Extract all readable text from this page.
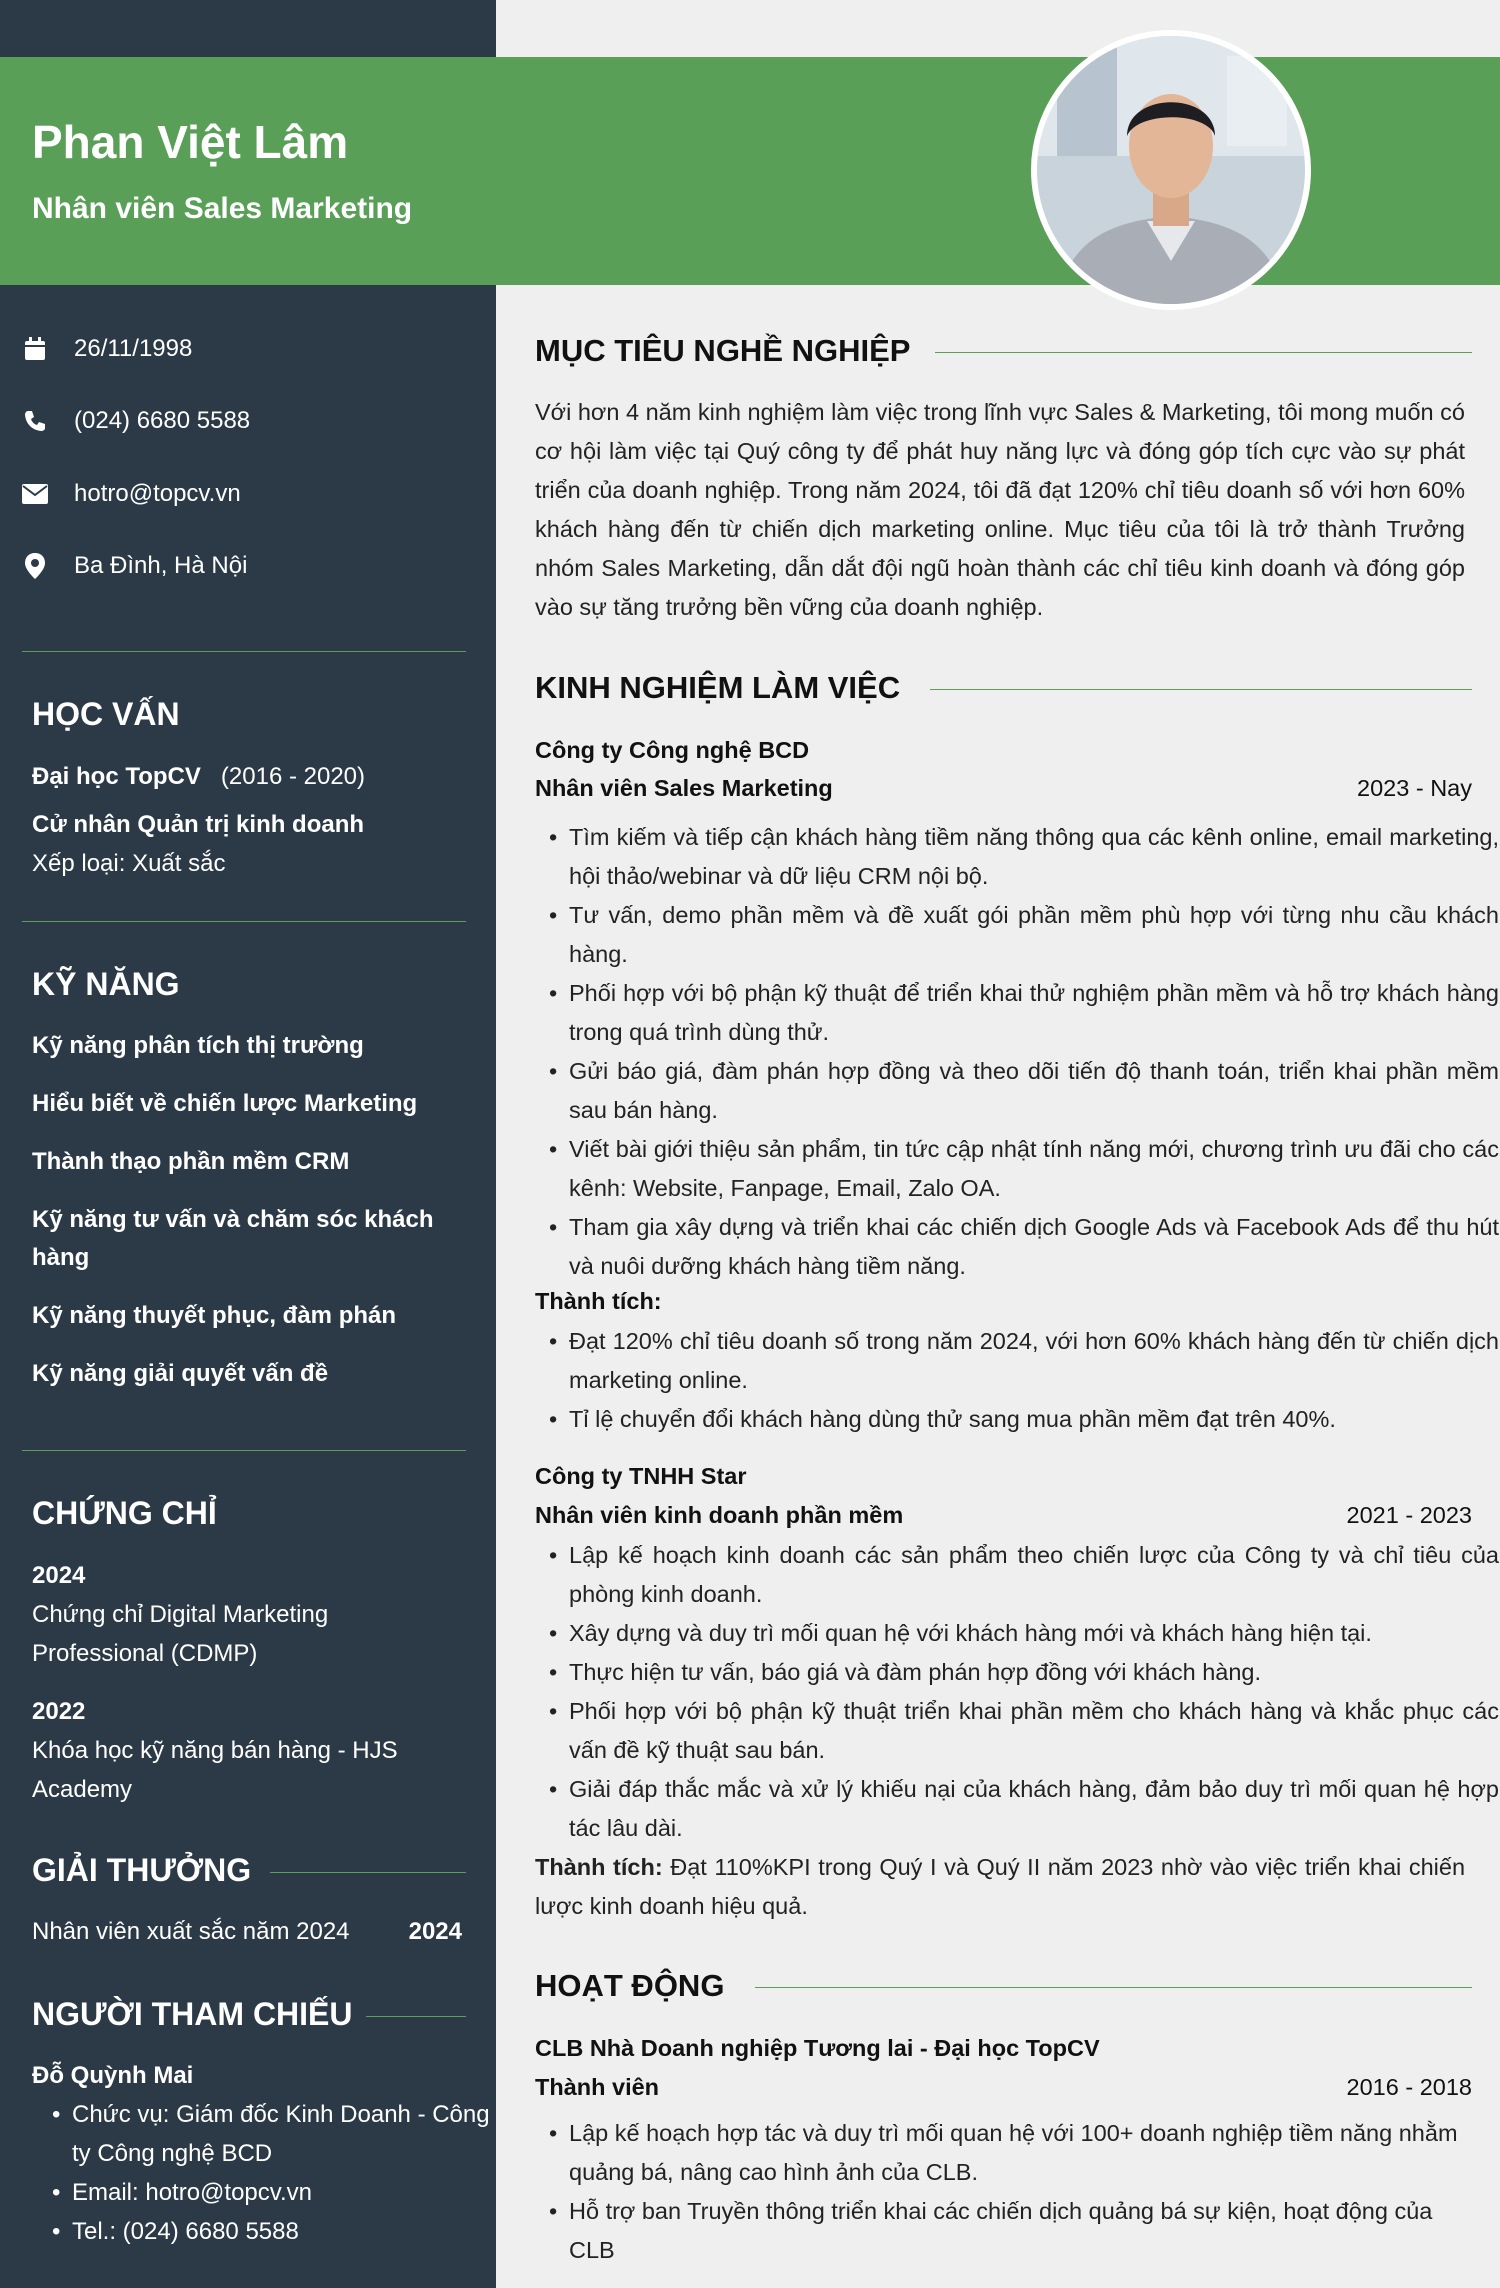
Phan Việt Lâm
Nhân viên Sales Marketing
26/11/1998
(024) 6680 5588
hotro@topcv.vn
Ba Đình, Hà Nội
HỌC VẤN
Đại học TopCV (2016 - 2020)
Cử nhân Quản trị kinh doanh
Xếp loại: Xuất sắc
KỸ NĂNG
Kỹ năng phân tích thị trường
Hiểu biết về chiến lược Marketing
Thành thạo phần mềm CRM
Kỹ năng tư vấn và chăm sóc khách hàng
Kỹ năng thuyết phục, đàm phán
Kỹ năng giải quyết vấn đề
CHỨNG CHỈ
2024
Chứng chỉ Digital Marketing Professional (CDMP)
2022
Khóa học kỹ năng bán hàng - HJS Academy
GIẢI THƯỞNG
Nhân viên xuất sắc năm 2024 2024
NGƯỜI THAM CHIẾU
Đỗ Quỳnh Mai
• Chức vụ: Giám đốc Kinh Doanh - Công ty Công nghệ BCD
• Email: hotro@topcv.vn
• Tel.: (024) 6680 5588
MỤC TIÊU NGHỀ NGHIỆP
Với hơn 4 năm kinh nghiệm làm việc trong lĩnh vực Sales & Marketing, tôi mong muốn có cơ hội làm việc tại Quý công ty để phát huy năng lực và đóng góp tích cực vào sự phát triển của doanh nghiệp. Trong năm 2024, tôi đã đạt 120% chỉ tiêu doanh số với hơn 60% khách hàng đến từ chiến dịch marketing online. Mục tiêu của tôi là trở thành Trưởng nhóm Sales Marketing, dẫn dắt đội ngũ hoàn thành các chỉ tiêu kinh doanh và đóng góp vào sự tăng trưởng bền vững của doanh nghiệp.
KINH NGHIỆM LÀM VIỆC
Công ty Công nghệ BCD
Nhân viên Sales Marketing	2023 - Nay
• Tìm kiếm và tiếp cận khách hàng tiềm năng thông qua các kênh online, email marketing, hội thảo/webinar và dữ liệu CRM nội bộ.
• Tư vấn, demo phần mềm và đề xuất gói phần mềm phù hợp với từng nhu cầu khách hàng.
• Phối hợp với bộ phận kỹ thuật để triển khai thử nghiệm phần mềm và hỗ trợ khách hàng trong quá trình dùng thử.
• Gửi báo giá, đàm phán hợp đồng và theo dõi tiến độ thanh toán, triển khai phần mềm sau bán hàng.
• Viết bài giới thiệu sản phẩm, tin tức cập nhật tính năng mới, chương trình ưu đãi cho các kênh: Website, Fanpage, Email, Zalo OA.
• Tham gia xây dựng và triển khai các chiến dịch Google Ads và Facebook Ads để thu hút và nuôi dưỡng khách hàng tiềm năng.
Thành tích:
• Đạt 120% chỉ tiêu doanh số trong năm 2024, với hơn 60% khách hàng đến từ chiến dịch marketing online.
• Tỉ lệ chuyển đổi khách hàng dùng thử sang mua phần mềm đạt trên 40%.
Công ty TNHH Star
Nhân viên kinh doanh phần mềm	2021 - 2023
• Lập kế hoạch kinh doanh các sản phẩm theo chiến lược của Công ty và chỉ tiêu của phòng kinh doanh.
• Xây dựng và duy trì mối quan hệ với khách hàng mới và khách hàng hiện tại.
• Thực hiện tư vấn, báo giá và đàm phán hợp đồng với khách hàng.
• Phối hợp với bộ phận kỹ thuật triển khai phần mềm cho khách hàng và khắc phục các vấn đề kỹ thuật sau bán.
• Giải đáp thắc mắc và xử lý khiếu nại của khách hàng, đảm bảo duy trì mối quan hệ hợp tác lâu dài.
Thành tích: Đạt 110%KPI trong Quý I và Quý II năm 2023 nhờ vào việc triển khai chiến lược kinh doanh hiệu quả.
HOẠT ĐỘNG
CLB Nhà Doanh nghiệp Tương lai - Đại học TopCV
Thành viên	2016 - 2018
• Lập kế hoạch hợp tác và duy trì mối quan hệ với 100+ doanh nghiệp tiềm năng nhằm quảng bá, nâng cao hình ảnh của CLB.
• Hỗ trợ ban Truyền thông triển khai các chiến dịch quảng bá sự kiện, hoạt động của CLB
